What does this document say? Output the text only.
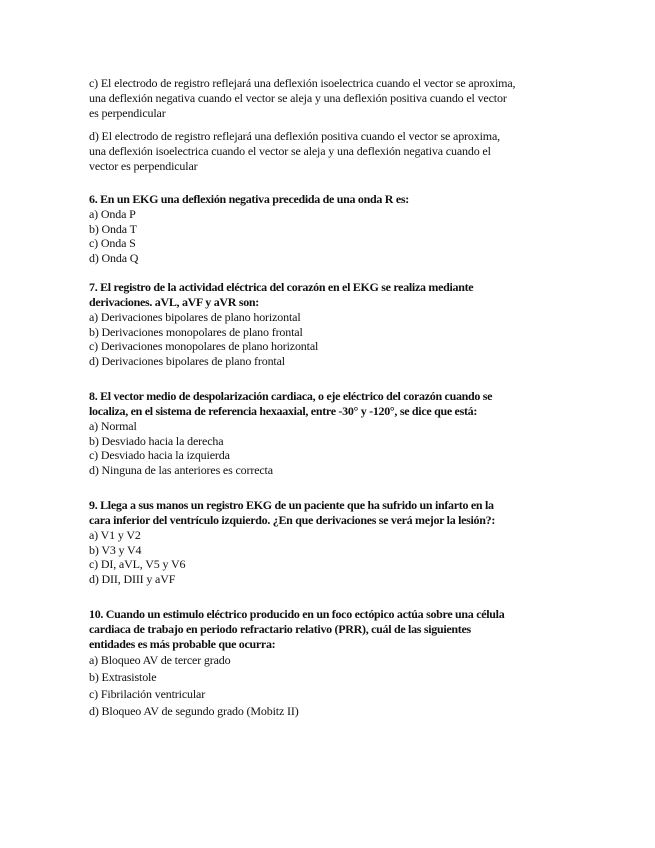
c) El electrodo de registro reflejará una deflexión isoelectrica cuando el vector se aproxima,
una deflexión negativa cuando el vector se aleja y una deflexión positiva cuando el vector
es perpendicular
d) El electrodo de registro reflejará una deflexión positiva cuando el vector se aproxima,
una deflexión isoelectrica cuando el vector se aleja y una deflexión negativa cuando el
vector es perpendicular
6. En un EKG una deflexión negativa precedida de una onda R es:
a) Onda P
b) Onda T
c) Onda S
d) Onda Q
7. El registro de la actividad eléctrica del corazón en el EKG se realiza mediante
derivaciones. aVL, aVF y aVR son:
a) Derivaciones bipolares de plano horizontal
b) Derivaciones monopolares de plano frontal
c) Derivaciones monopolares de plano horizontal
d) Derivaciones bipolares de plano frontal
8. El vector medio de despolarización cardiaca, o eje eléctrico del corazón cuando se
localiza, en el sistema de referencia hexaaxial, entre -30° y -120°, se dice que está:
a) Normal
b) Desviado hacia la derecha
c) Desviado hacia la izquierda
d) Ninguna de las anteriores es correcta
9. Llega a sus manos un registro EKG de un paciente que ha sufrido un infarto en la
cara inferior del ventrículo izquierdo. ¿En que derivaciones se verá mejor la lesión?:
a) V1 y V2
b) V3 y V4
c) DI, aVL, V5 y V6
d) DII, DIII y aVF
10. Cuando un estimulo eléctrico producido en un foco ectópico actúa sobre una célula
cardiaca de trabajo en periodo refractario relativo (PRR), cuál de las siguientes
entidades es más probable que ocurra:
a) Bloqueo AV de tercer grado
b) Extrasistole
c) Fibrilación ventricular
d) Bloqueo AV de segundo grado (Mobitz II)
